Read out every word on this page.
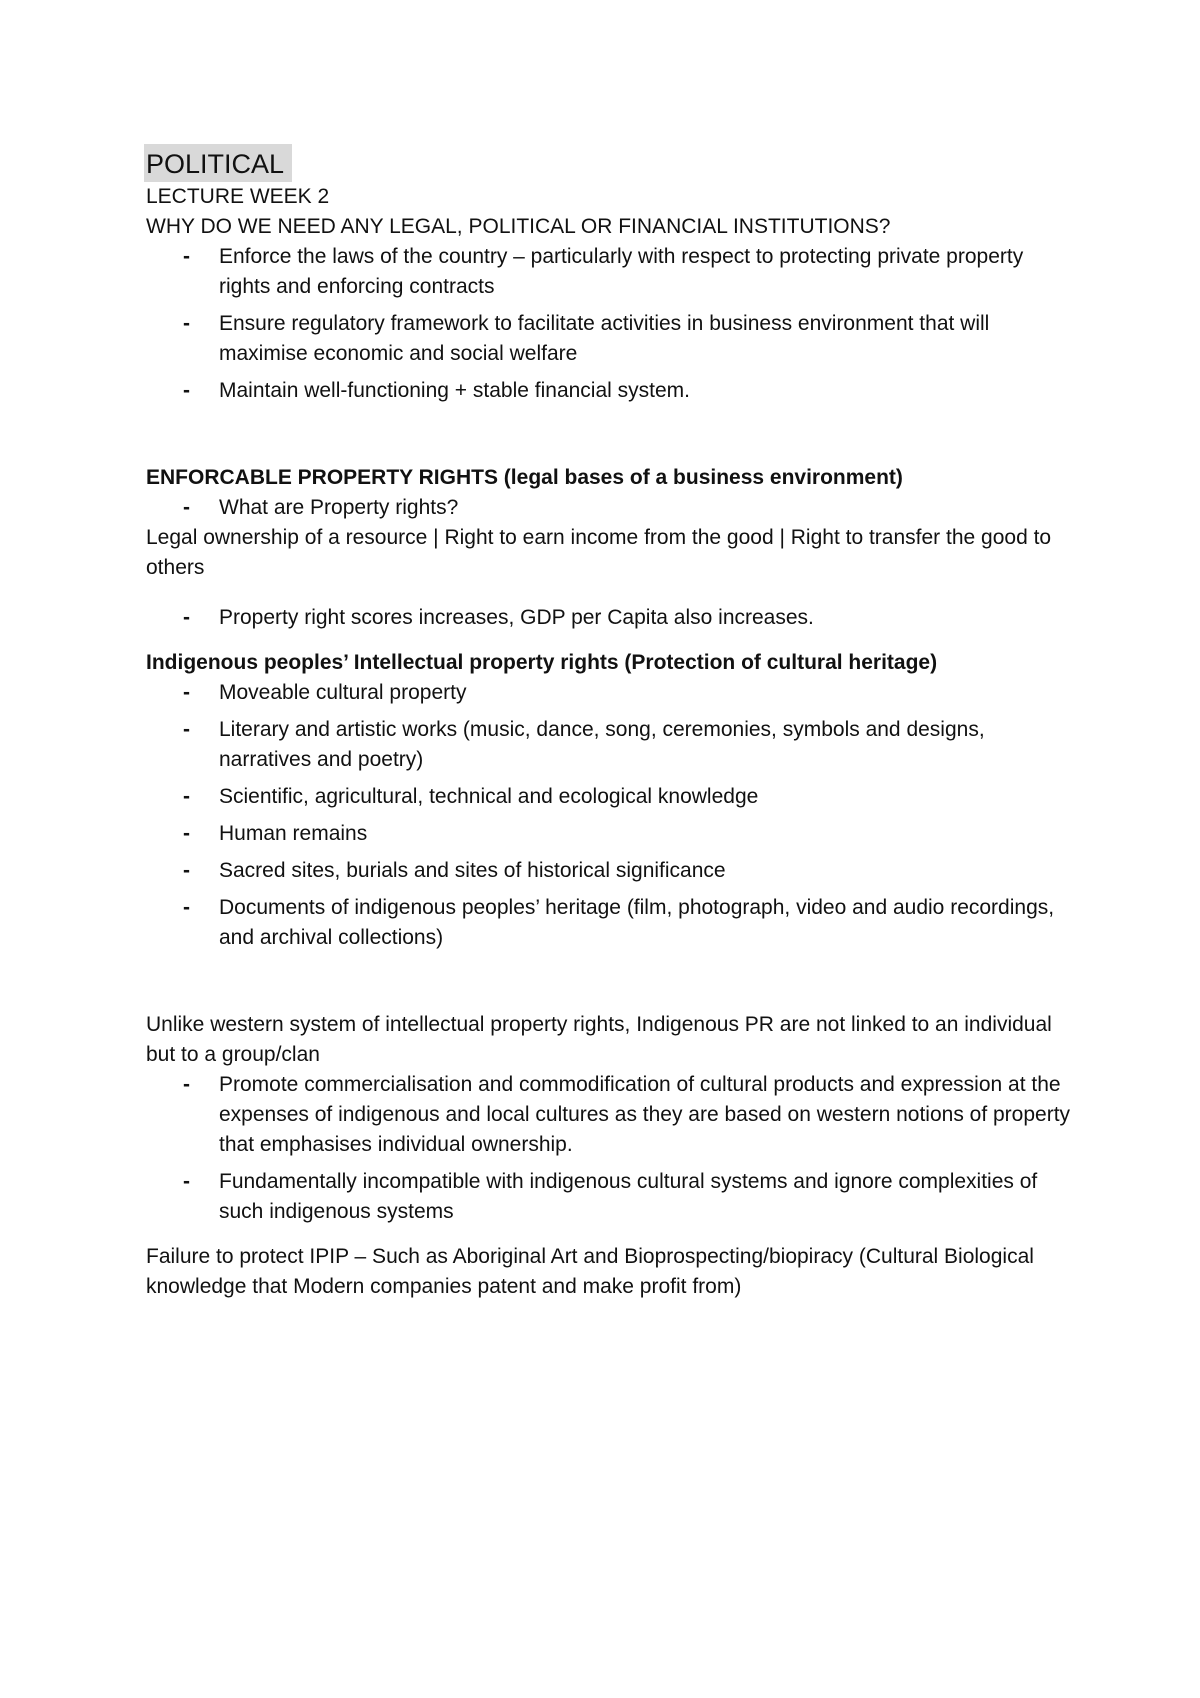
POLITICAL

LECTURE WEEK 2

WHY DO WE NEED ANY LEGAL, POLITICAL OR FINANCIAL INSTITUTIONS?

- Enforce the laws of the country – particularly with respect to protecting private property rights and enforcing contracts
- Ensure regulatory framework to facilitate activities in business environment that will maximise economic and social welfare
- Maintain well-functioning + stable financial system.

ENFORCABLE PROPERTY RIGHTS (legal bases of a business environment)

- What are Property rights?

Legal ownership of a resource | Right to earn income from the good | Right to transfer the good to others

- Property right scores increases, GDP per Capita also increases.

Indigenous peoples’ Intellectual property rights (Protection of cultural heritage)

- Moveable cultural property
- Literary and artistic works (music, dance, song, ceremonies, symbols and designs, narratives and poetry)
- Scientific, agricultural, technical and ecological knowledge
- Human remains
- Sacred sites, burials and sites of historical significance
- Documents of indigenous peoples’ heritage (film, photograph, video and audio recordings, and archival collections)

Unlike western system of intellectual property rights, Indigenous PR are not linked to an individual but to a group/clan

- Promote commercialisation and commodification of cultural products and expression at the expenses of indigenous and local cultures as they are based on western notions of property that emphasises individual ownership.
- Fundamentally incompatible with indigenous cultural systems and ignore complexities of such indigenous systems

Failure to protect IPIP – Such as Aboriginal Art and Bioprospecting/biopiracy (Cultural Biological knowledge that Modern companies patent and make profit from)
